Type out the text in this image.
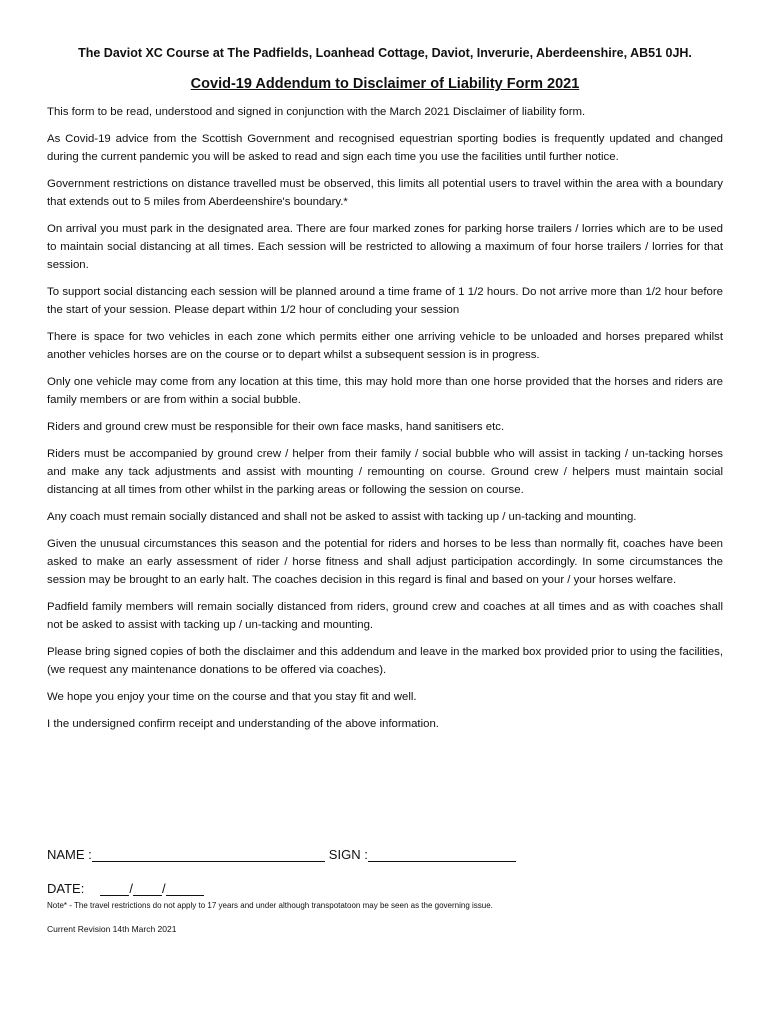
The Daviot XC Course at The Padfields, Loanhead Cottage, Daviot, Inverurie, Aberdeenshire, AB51 0JH.
Covid-19 Addendum to Disclaimer of Liability Form 2021

This form to be read, understood and signed in conjunction with the March 2021 Disclaimer of liability form.

As Covid-19 advice from the Scottish Government and recognised equestrian sporting bodies is frequently updated and changed during the current pandemic you will be asked to read and sign each time you use the facilities until further notice.

Government restrictions on distance travelled must be observed, this limits all potential users to travel within the area with a boundary that extends out to 5 miles from Aberdeenshire's boundary.*

On arrival you must park in the designated area. There are four marked zones for parking horse trailers / lorries which are to be used to maintain social distancing at all times. Each session will be restricted to allowing a maximum of four horse trailers / lorries for that session.

To support social distancing each session will be planned around a time frame of 1 1/2 hours. Do not arrive more than 1/2 hour before the start of your session. Please depart within 1/2 hour of concluding your session

There is space for two vehicles in each zone which permits either one arriving vehicle to be unloaded and horses prepared whilst another vehicles horses are on the course or to depart whilst a subsequent session is in progress.

Only one vehicle may come from any location at this time, this may hold more than one horse provided that the horses and riders are family members or are from within a social bubble.

Riders and ground crew must be responsible for their own face masks, hand sanitisers etc.

Riders must be accompanied by ground crew / helper from their family / social bubble who will assist in tacking / un-tacking horses and make any tack adjustments and assist with mounting / remounting on course. Ground crew / helpers must maintain social distancing at all times from other whilst in the parking areas or following the session on course.

Any coach must remain socially distanced and shall not be asked to assist with tacking up / un-tacking and mounting.

Given the unusual circumstances this season and the potential for riders and horses to be less than normally fit, coaches have been asked to make an early assessment of rider / horse fitness and shall adjust participation accordingly. In some circumstances the session may be brought to an early halt. The coaches decision in this regard is final and based on your / your horses welfare.

Padfield family members will remain socially distanced from riders, ground crew and coaches at all times and as with coaches shall not be asked to assist with tacking up / un-tacking and mounting.

Please bring signed copies of both the disclaimer and this addendum and leave in the marked box provided prior to using the facilities, (we request any maintenance donations to be offered via coaches).

We hope you enjoy your time on the course and that you stay fit and well.

I the undersigned confirm receipt and understanding of the above information.

NAME :	SIGN :
DATE:	/ /
Note* - The travel restrictions do not apply to 17 years and under although transpotatoon may be seen as the governing issue.
Current Revision 14th March 2021
